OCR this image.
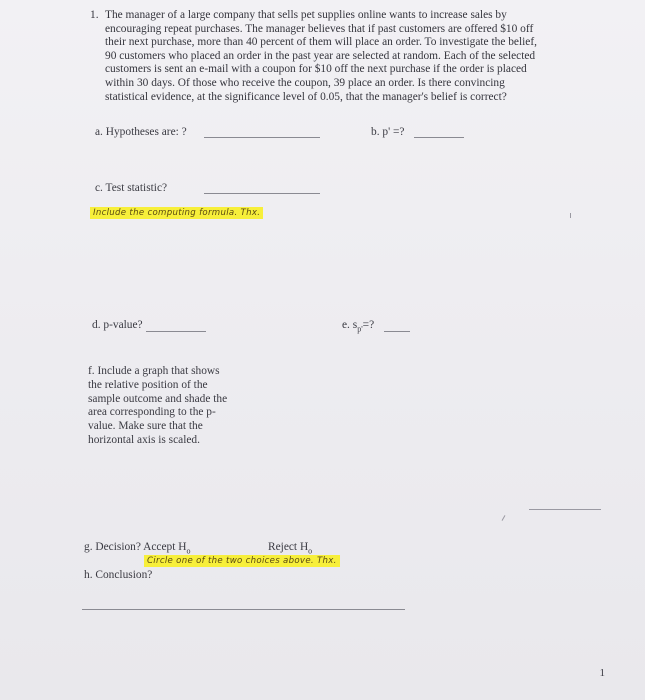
1. The manager of a large company that sells pet supplies online wants to increase sales by
encouraging repeat purchases. The manager believes that if past customers are offered $10 off
their next purchase, more than 40 percent of them will place an order. To investigate the belief,
90 customers who placed an order in the past year are selected at random. Each of the selected
customers is sent an e-mail with a coupon for $10 off the next purchase if the order is placed
within 30 days. Of those who receive the coupon, 39 place an order. Is there convincing
statistical evidence, at the significance level of 0.05, that the manager's belief is correct?
a. Hypotheses are: ?	b. p' =?
c. Test statistic?
Include the computing formula. Thx.
d. p-value?	e. $s_{p'}=$?
f. Include a graph that shows
the relative position of the
sample outcome and shade the
area corresponding to the p-
value. Make sure that the
horizontal axis is scaled.
g. Decision? Accept $H_o$	Reject $H_o$
Circle one of the two choices above. Thx.
h. Conclusion?
1
